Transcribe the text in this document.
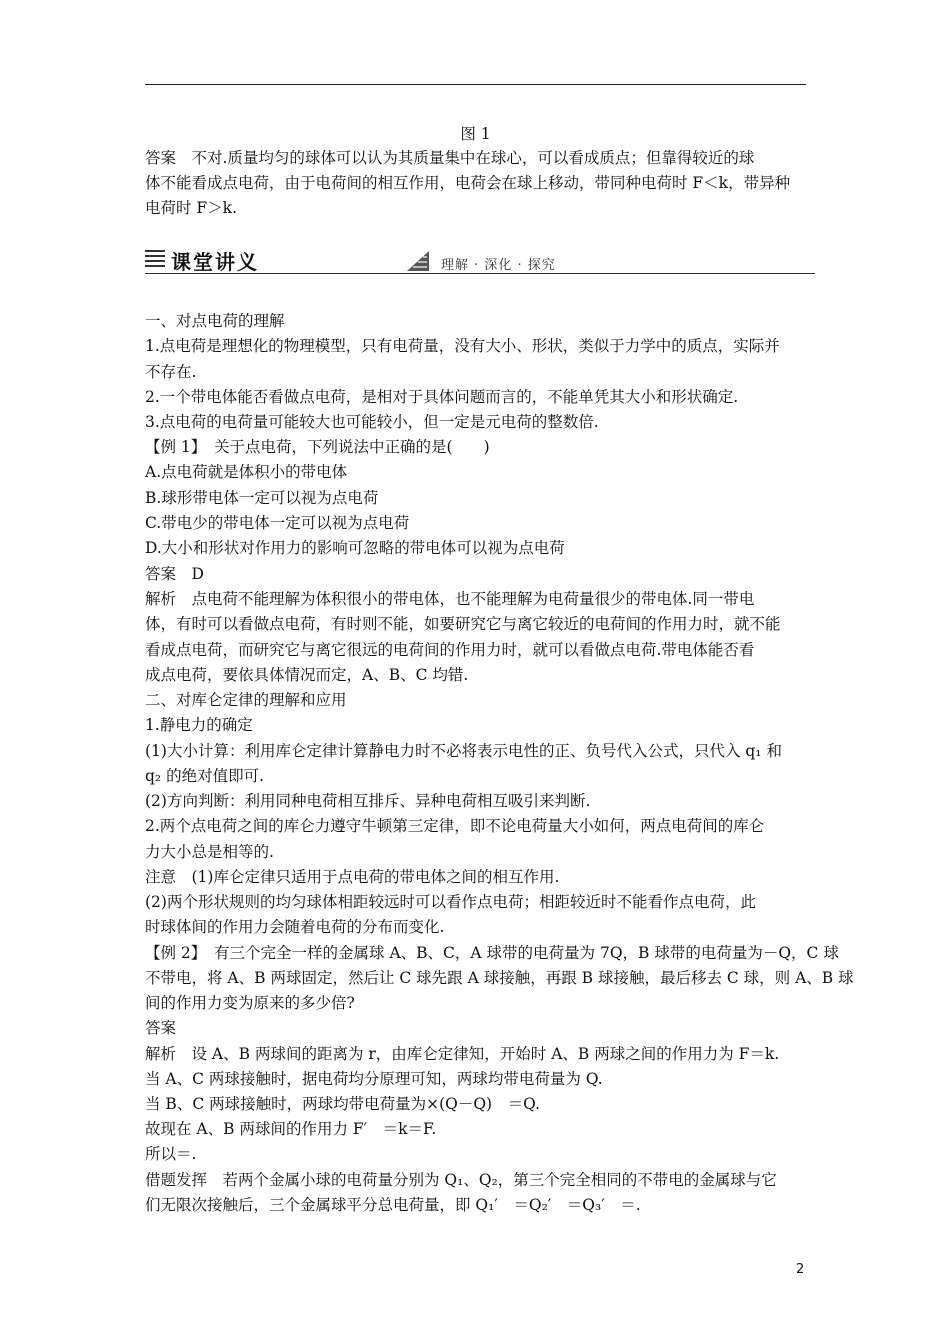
图 1
答案　不对.质量均匀的球体可以认为其质量集中在球心，可以看成质点；但靠得较近的球
体不能看成点电荷，由于电荷间的相互作用，电荷会在球上移动，带同种电荷时 F＜k，带异种
电荷时 F＞k.
课堂讲义	理解 · 深化 · 探究
一、对点电荷的理解
1.点电荷是理想化的物理模型，只有电荷量，没有大小、形状，类似于力学中的质点，实际并
不存在.
2.一个带电体能否看做点电荷，是相对于具体问题而言的，不能单凭其大小和形状确定.
3.点电荷的电荷量可能较大也可能较小，但一定是元电荷的整数倍.
【例 1】　关于点电荷，下列说法中正确的是(　　)
A.点电荷就是体积小的带电体
B.球形带电体一定可以视为点电荷
C.带电少的带电体一定可以视为点电荷
D.大小和形状对作用力的影响可忽略的带电体可以视为点电荷
答案　D
解析　点电荷不能理解为体积很小的带电体，也不能理解为电荷量很少的带电体.同一带电
体，有时可以看做点电荷，有时则不能，如要研究它与离它较近的电荷间的作用力时，就不能
看成点电荷，而研究它与离它很远的电荷间的作用力时，就可以看做点电荷.带电体能否看
成点电荷，要依具体情况而定，A、B、C 均错.
二、对库仑定律的理解和应用
1.静电力的确定
(1)大小计算：利用库仑定律计算静电力时不必将表示电性的正、负号代入公式，只代入 q₁ 和
q₂ 的绝对值即可.
(2)方向判断：利用同种电荷相互排斥、异种电荷相互吸引来判断.
2.两个点电荷之间的库仑力遵守牛顿第三定律，即不论电荷量大小如何，两点电荷间的库仑
力大小总是相等的.
注意　(1)库仑定律只适用于点电荷的带电体之间的相互作用.
(2)两个形状规则的均匀球体相距较远时可以看作点电荷；相距较近时不能看作点电荷，此
时球体间的作用力会随着电荷的分布而变化.
【例 2】　有三个完全一样的金属球 A、B、C，A 球带的电荷量为 7Q，B 球带的电荷量为－Q，C 球
不带电，将 A、B 两球固定，然后让 C 球先跟 A 球接触，再跟 B 球接触，最后移去 C 球，则 A、B 球
间的作用力变为原来的多少倍?
答案
解析　设 A、B 两球间的距离为 r，由库仑定律知，开始时 A、B 两球之间的作用力为 F＝k.
当 A、C 两球接触时，据电荷均分原理可知，两球均带电荷量为 Q.
当 B、C 两球接触时，两球均带电荷量为×(Q－Q)　＝Q.
故现在 A、B 两球间的作用力 F′　＝k＝F.
所以＝.
借题发挥　若两个金属小球的电荷量分别为 Q₁、Q₂，第三个完全相同的不带电的金属球与它
们无限次接触后，三个金属球平分总电荷量，即 Q₁′　＝Q₂′　＝Q₃′　＝.
2
